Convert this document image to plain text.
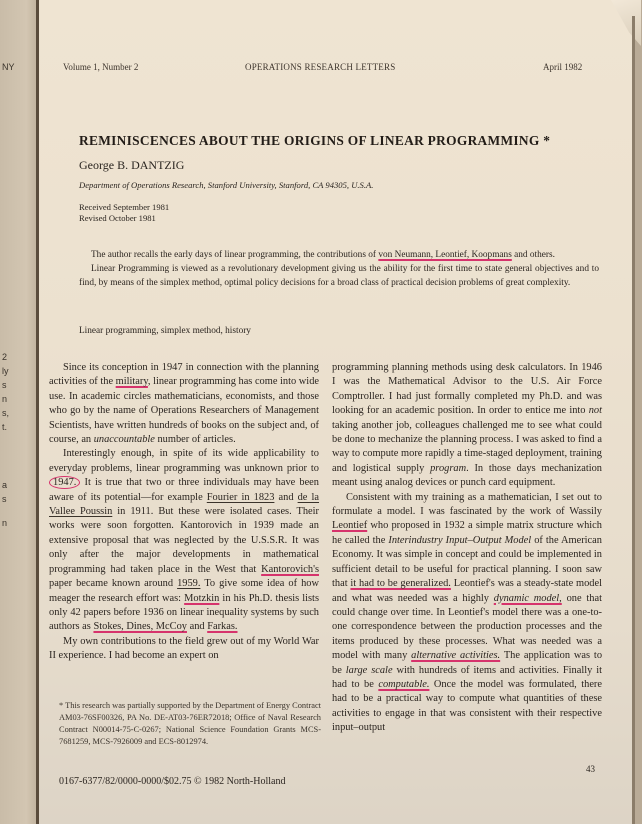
NY
2
ly
s
n
s,
t.
a
s
n
Volume 1, Number 2	OPERATIONS RESEARCH LETTERS	April 1982
REMINISCENCES ABOUT THE ORIGINS OF LINEAR PROGRAMMING *
George B. DANTZIG
Department of Operations Research, Stanford University, Stanford, CA 94305, U.S.A.
Received September 1981
Revised October 1981

The author recalls the early days of linear programming, the contributions of von Neumann, Leontief, Koopmans and others.

Linear Programming is viewed as a revolutionary development giving us the ability for the first time to state general objectives and to find, by means of the simplex method, optimal policy decisions for a broad class of practical decision problems of great complexity.

Linear programming, simplex method, history

Since its conception in 1947 in connection with the planning activities of the military, linear programming has come into wide use. In academic circles mathematicians, economists, and those who go by the name of Operations Researchers of Management Scientists, have written hundreds of books on the subject and, of course, an unaccountable number of articles.

Interestingly enough, in spite of its wide applicability to everyday problems, linear programming was unknown prior to 1947. It is true that two or three individuals may have been aware of its potential—for example Fourier in 1823 and de la Vallee Poussin in 1911. But these were isolated cases. Their works were soon forgotten. Kantorovich in 1939 made an extensive proposal that was neglected by the U.S.S.R. It was only after the major developments in mathematical programming had taken place in the West that Kantorovich's paper became known around 1959. To give some idea of how meager the research effort was: Motzkin in his Ph.D. thesis lists only 42 papers before 1936 on linear inequality systems by such authors as Stokes, Dines, McCoy and Farkas.

My own contributions to the field grew out of my World War II experience. I had become an expert on

* This research was partially supported by the Department of Energy Contract AM03-76SF00326, PA No. DE-AT03-76ER72018; Office of Naval Research Contract N00014-75-C-0267; National Science Foundation Grants MCS-7681259, MCS-7926009 and ECS-8012974.
0167-6377/82/0000-0000/$02.75 © 1982 North-Holland

programming planning methods using desk calculators. In 1946 I was the Mathematical Advisor to the U.S. Air Force Comptroller. I had just formally completed my Ph.D. and was looking for an academic position. In order to entice me into not taking another job, colleagues challenged me to see what could be done to mechanize the planning process. I was asked to find a way to compute more rapidly a time-staged deployment, training and logistical supply program. In those days mechanization meant using analog devices or punch card equipment.

Consistent with my training as a mathematician, I set out to formulate a model. I was fascinated by the work of Wassily Leontief who proposed in 1932 a simple matrix structure which he called the Interindustry Input–Output Model of the American Economy. It was simple in concept and could be implemented in sufficient detail to be useful for practical planning. I soon saw that it had to be generalized. Leontief's was a steady-state model and what was needed was a highly dynamic model, one that could change over time. In Leontief's model there was a one-to-one correspondence between the production processes and the items produced by these processes. What was needed was a model with many alternative activities. The application was to be large scale with hundreds of items and activities. Finally it had to be computable. Once the model was formulated, there had to be a practical way to compute what quantities of these activities to engage in that was consistent with their respective input–output

43
